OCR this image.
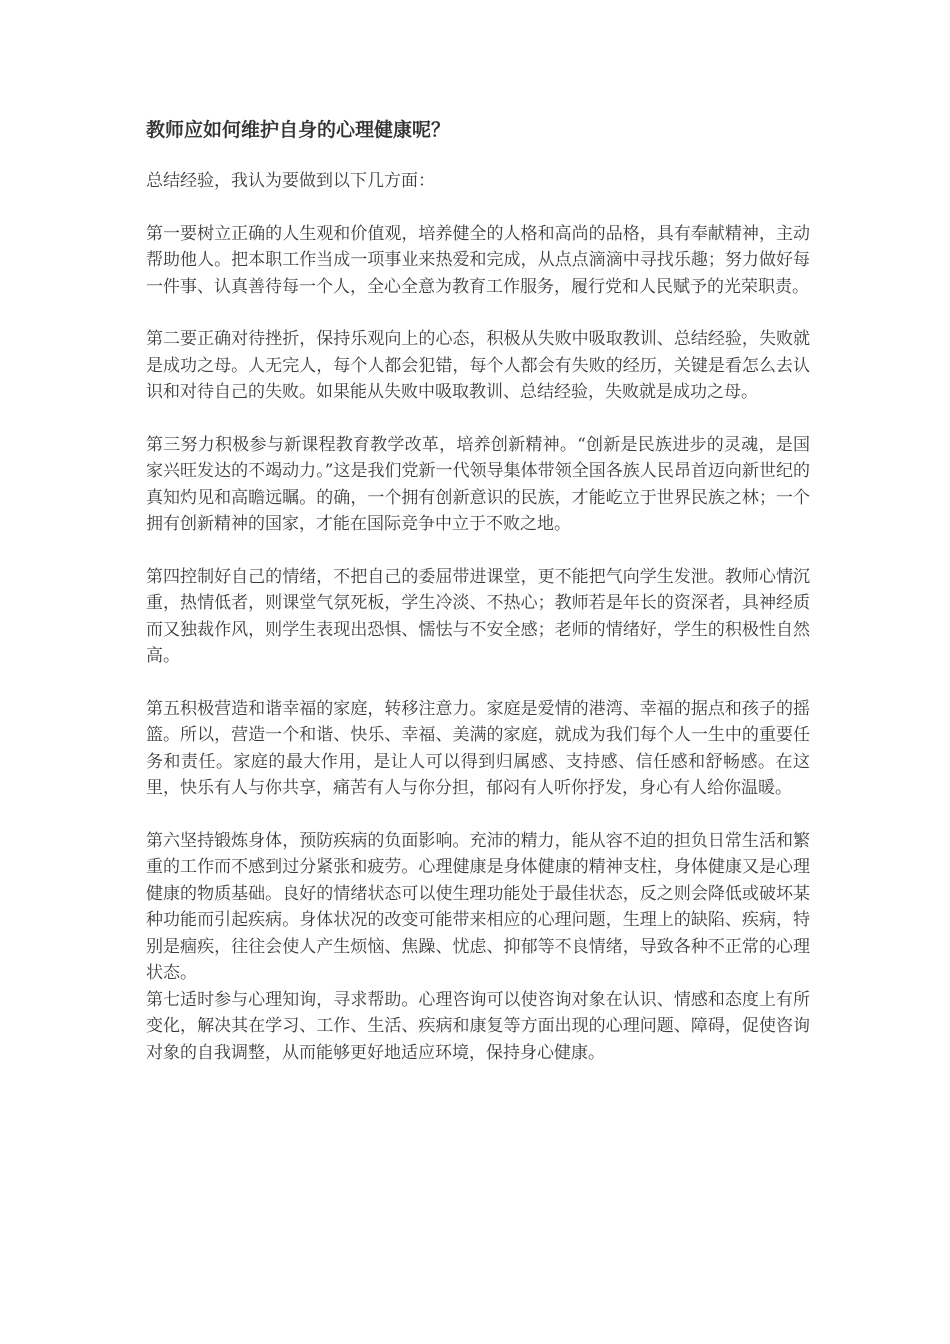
教师应如何维护自身的心理健康呢？

总结经验，我认为要做到以下几方面：

第一要树立正确的人生观和价值观，培养健全的人格和高尚的品格，具有奉献精神，主动帮助他人。把本职工作当成一项事业来热爱和完成，从点点滴滴中寻找乐趣；努力做好每一件事、认真善待每一个人，全心全意为教育工作服务，履行党和人民赋予的光荣职责。

第二要正确对待挫折，保持乐观向上的心态，积极从失败中吸取教训、总结经验，失败就是成功之母。人无完人，每个人都会犯错，每个人都会有失败的经历，关键是看怎么去认识和对待自己的失败。如果能从失败中吸取教训、总结经验，失败就是成功之母。

第三努力积极参与新课程教育教学改革，培养创新精神。“创新是民族进步的灵魂，是国家兴旺发达的不竭动力。”这是我们党新一代领导集体带领全国各族人民昂首迈向新世纪的真知灼见和高瞻远瞩。的确，一个拥有创新意识的民族，才能屹立于世界民族之林；一个拥有创新精神的国家，才能在国际竞争中立于不败之地。

第四控制好自己的情绪，不把自己的委屈带进课堂，更不能把气向学生发泄。教师心情沉重，热情低者，则课堂气氛死板，学生冷淡、不热心；教师若是年长的资深者，具神经质而又独裁作风，则学生表现出恐惧、懦怯与不安全感；老师的情绪好，学生的积极性自然高。

第五积极营造和谐幸福的家庭，转移注意力。家庭是爱情的港湾、幸福的据点和孩子的摇篮。所以，营造一个和谐、快乐、幸福、美满的家庭，就成为我们每个人一生中的重要任务和责任。家庭的最大作用，是让人可以得到归属感、支持感、信任感和舒畅感。在这里，快乐有人与你共享，痛苦有人与你分担，郁闷有人听你抒发，身心有人给你温暖。

第六坚持锻炼身体，预防疾病的负面影响。充沛的精力，能从容不迫的担负日常生活和繁重的工作而不感到过分紧张和疲劳。心理健康是身体健康的精神支柱，身体健康又是心理健康的物质基础。良好的情绪状态可以使生理功能处于最佳状态，反之则会降低或破坏某种功能而引起疾病。身体状况的改变可能带来相应的心理问题，生理上的缺陷、疾病，特别是痼疾，往往会使人产生烦恼、焦躁、忧虑、抑郁等不良情绪，导致各种不正常的心理状态。

第七适时参与心理知询，寻求帮助。心理咨询可以使咨询对象在认识、情感和态度上有所变化，解决其在学习、工作、生活、疾病和康复等方面出现的心理问题、障碍，促使咨询对象的自我调整，从而能够更好地适应环境，保持身心健康。
